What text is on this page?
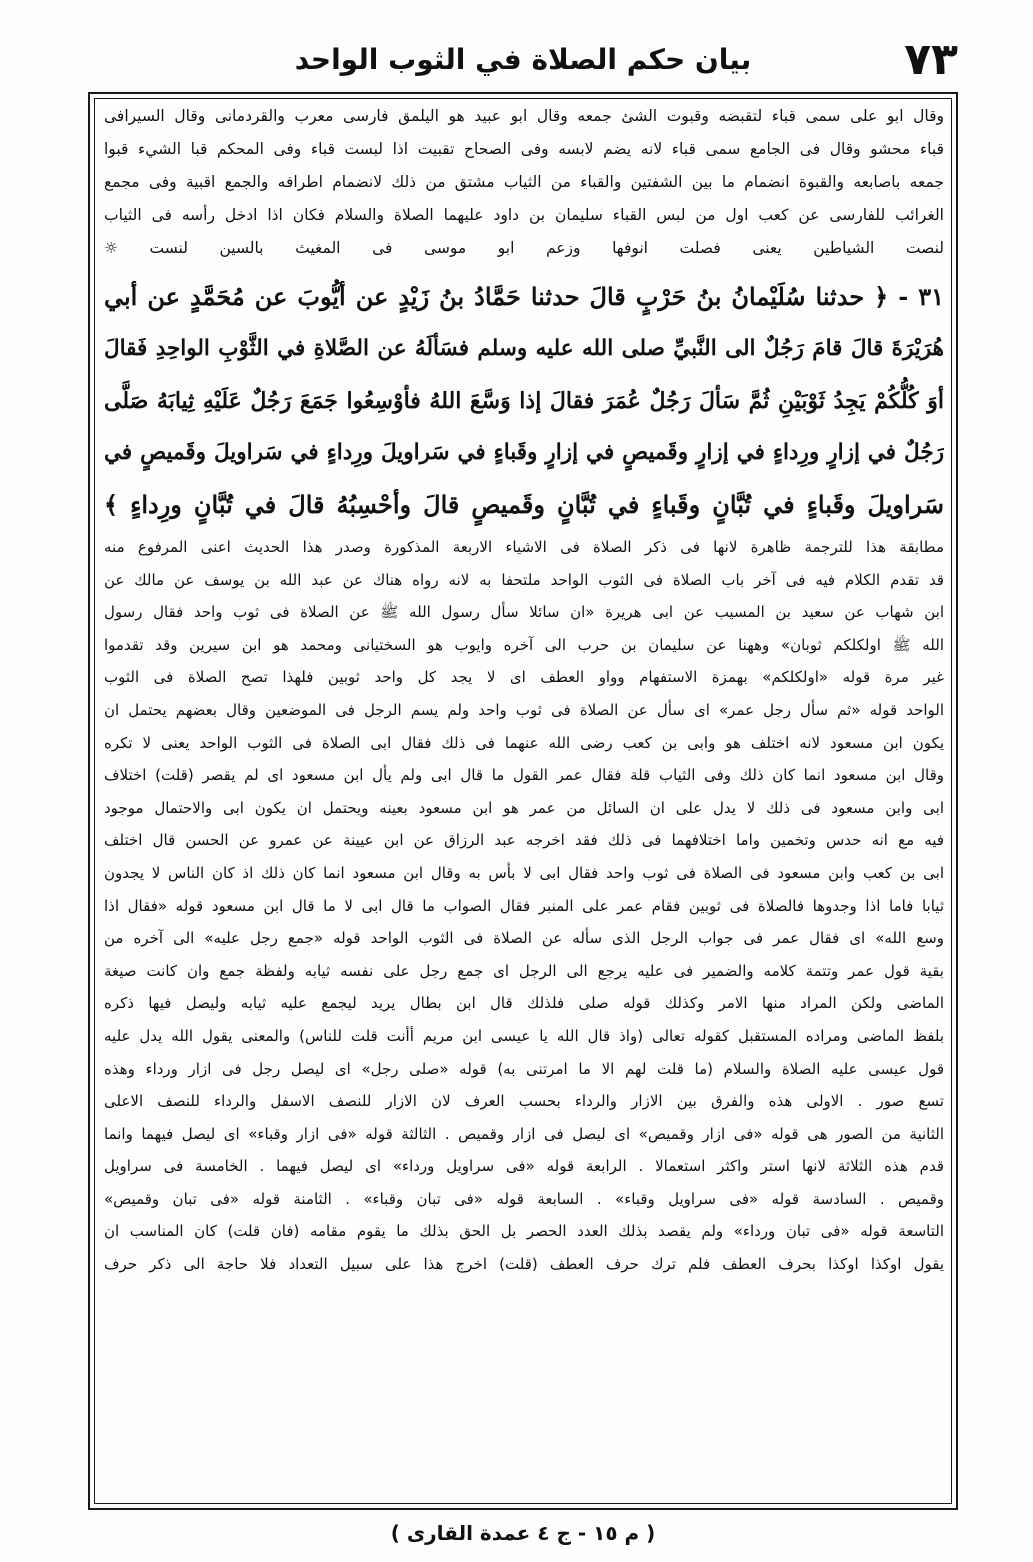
٧٣
بيان حكم الصلاة في الثوب الواحد
وقال ابو على سمى قباء لتقبضه وقبوت الشئ جمعه وقال ابو عبيد هو اليلمق فارسى معرب والقردمانى وقال السيرافى
قباء محشو وقال فى الجامع سمى قباء لانه يضم لابسه وفى الصحاح تقبيت اذا لبست قباء وفى المحكم قبا الشيء قبوا
جمعه باصابعه والقبوة انضمام ما بين الشفتين والقباء من الثياب مشتق من ذلك لانضمام اطرافه والجمع اقبية وفى مجمع
الغرائب للفارسى عن كعب اول من لبس القباء سليمان بن داود عليهما الصلاة والسلام فكان اذا ادخل رأسه فى الثياب
لنصت الشياطين يعنى فصلت انوفها وزعم ابو موسى فى المغيث بالسين لنست ☼
٣١ - ﴿ حدثنا سُلَيْمانُ بنُ حَرْبٍ قالَ حدثنا حَمَّادُ بنُ زَيْدٍ عن أيُّوبَ عن مُحَمَّدٍ عن أبي
هُرَيْرَةَ قالَ قامَ رَجُلٌ الى النَّبيِّ صلى الله عليه وسلم فسَألَهُ عن الصَّلاةِ في الثَّوْبِ الواحِدِ فَقالَ
أوَ كُلُّكُمْ يَجِدُ ثَوْبَيْنِ ثُمَّ سَألَ رَجُلٌ عُمَرَ فقالَ إذا وَسَّعَ اللهُ فأوْسِعُوا جَمَعَ رَجُلٌ عَلَيْهِ ثِيابَهُ صَلَّى
رَجُلٌ في إزارٍ ورِداءٍ في إزارٍ وقَميصٍ في إزارٍ وقَباءٍ في سَراويلَ ورِداءٍ في سَراويلَ وقَميصٍ في
سَراويلَ وقَباءٍ في تُبَّانٍ وقَباءٍ في تُبَّانٍ وقَميصٍ قالَ وأحْسِبُهُ قالَ في تُبَّانٍ ورِداءٍ ﴾
مطابقة هذا للترجمة ظاهرة لانها فى ذكر الصلاة فى الاشياء الاربعة المذكورة وصدر هذا الحديث اعنى المرفوع منه
قد تقدم الكلام فيه فى آخر باب الصلاة فى الثوب الواحد ملتحفا به لانه رواه هناك عن عبد الله بن يوسف عن مالك عن
ابن شهاب عن سعيد بن المسيب عن ابى هريرة «ان سائلا سأل رسول الله ﷺ عن الصلاة فى ثوب واحد فقال رسول
الله ﷺ اولكلكم ثوبان» وههنا عن سليمان بن حرب الى آخره وايوب هو السختيانى ومحمد هو ابن سيرين وقد تقدموا
غير مرة قوله «اولكلكم» بهمزة الاستفهام وواو العطف اى لا يجد كل واحد ثوبين فلهذا تصح الصلاة فى الثوب
الواحد قوله «ثم سأل رجل عمر» اى سأل عن الصلاة فى ثوب واحد ولم يسم الرجل فى الموضعين وقال بعضهم يحتمل ان
يكون ابن مسعود لانه اختلف هو وابى بن كعب رضى الله عنهما فى ذلك فقال ابى الصلاة فى الثوب الواحد يعنى لا تكره
وقال ابن مسعود انما كان ذلك وفى الثياب قلة فقال عمر القول ما قال ابى ولم يأل ابن مسعود اى لم يقصر (قلت) اختلاف
ابى وابن مسعود فى ذلك لا يدل على ان السائل من عمر هو ابن مسعود بعينه ويحتمل ان يكون ابى والاحتمال موجود
فيه مع انه حدس وتخمين واما اختلافهما فى ذلك فقد اخرجه عبد الرزاق عن ابن عيينة عن عمرو عن الحسن قال اختلف
ابى بن كعب وابن مسعود فى الصلاة فى ثوب واحد فقال ابى لا بأس به وقال ابن مسعود انما كان ذلك اذ كان الناس لا يجدون
ثيابا فاما اذا وجدوها فالصلاة فى ثوبين فقام عمر على المنبر فقال الصواب ما قال ابى لا ما قال ابن مسعود قوله «فقال اذا
وسع الله» اى فقال عمر فى جواب الرجل الذى سأله عن الصلاة فى الثوب الواحد قوله «جمع رجل عليه» الى آخره من
بقية قول عمر وتتمة كلامه والضمير فى عليه يرجع الى الرجل اى جمع رجل على نفسه ثيابه ولفظة جمع وان كانت صيغة
الماضى ولكن المراد منها الامر وكذلك قوله صلى فلذلك قال ابن بطال يريد ليجمع عليه ثيابه وليصل فيها ذكره
بلفظ الماضى ومراده المستقبل كقوله تعالى (واذ قال الله يا عيسى ابن مريم أأنت قلت للناس) والمعنى يقول الله يدل عليه
قول عيسى عليه الصلاة والسلام (ما قلت لهم الا ما امرتنى به) قوله «صلى رجل» اى ليصل رجل فى ازار ورداء وهذه
تسع صور . الاولى هذه والفرق بين الازار والرداء بحسب العرف لان الازار للنصف الاسفل والرداء للنصف الاعلى
الثانية من الصور هى قوله «فى ازار وقميص» اى ليصل فى ازار وقميص . الثالثة قوله «فى ازار وقباء» اى ليصل فيهما وانما
قدم هذه الثلاثة لانها استر واكثر استعمالا . الرابعة قوله «فى سراويل ورداء» اى ليصل فيهما . الخامسة فى سراويل
وقميص . السادسة قوله «فى سراويل وقباء» . السابعة قوله «فى تبان وقباء» . الثامنة قوله «فى تبان وقميص»
التاسعة قوله «فى تبان ورداء» ولم يقصد بذلك العدد الحصر بل الحق بذلك ما يقوم مقامه (فان قلت) كان المناسب ان
يقول اوكذا اوكذا بحرف العطف فلم ترك حرف العطف (قلت) اخرج هذا على سبيل التعداد فلا حاجة الى ذكر حرف
( م ١٥ - ج ٤ عمدة القارى )
